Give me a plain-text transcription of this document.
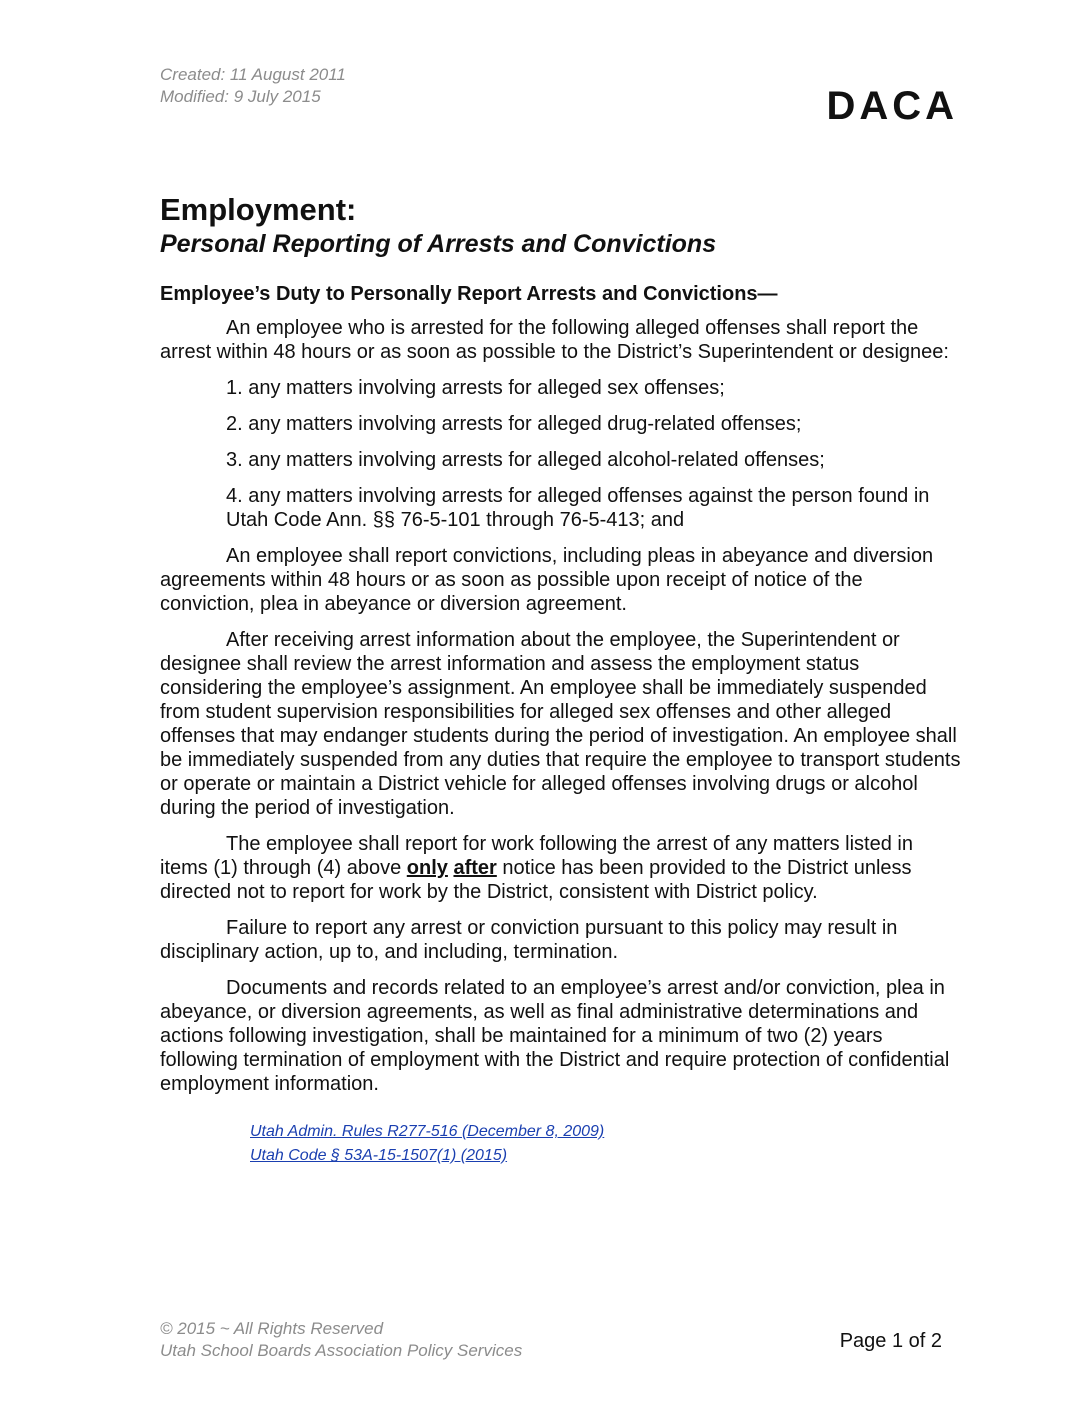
Created: 11 August 2011
Modified: 9 July 2015	DACA
Employment:
Personal Reporting of Arrests and Convictions
Employee’s Duty to Personally Report Arrests and Convictions—

An employee who is arrested for the following alleged offenses shall report the arrest within 48 hours or as soon as possible to the District’s Superintendent or designee:

1. any matters involving arrests for alleged sex offenses;
2. any matters involving arrests for alleged drug-related offenses;
3. any matters involving arrests for alleged alcohol-related offenses;
4. any matters involving arrests for alleged offenses against the person found in Utah Code Ann. §§ 76-5-101 through 76-5-413; and

An employee shall report convictions, including pleas in abeyance and diversion agreements within 48 hours or as soon as possible upon receipt of notice of the conviction, plea in abeyance or diversion agreement.

After receiving arrest information about the employee, the Superintendent or designee shall review the arrest information and assess the employment status considering the employee’s assignment. An employee shall be immediately suspended from student supervision responsibilities for alleged sex offenses and other alleged offenses that may endanger students during the period of investigation. An employee shall be immediately suspended from any duties that require the employee to transport students or operate or maintain a District vehicle for alleged offenses involving drugs or alcohol during the period of investigation.

The employee shall report for work following the arrest of any matters listed in items (1) through (4) above only after notice has been provided to the District unless directed not to report for work by the District, consistent with District policy.

Failure to report any arrest or conviction pursuant to this policy may result in disciplinary action, up to, and including, termination.

Documents and records related to an employee’s arrest and/or conviction, plea in abeyance, or diversion agreements, as well as final administrative determinations and actions following investigation, shall be maintained for a minimum of two (2) years following termination of employment with the District and require protection of confidential employment information.

Utah Admin. Rules R277-516 (December 8, 2009)
Utah Code § 53A-15-1507(1) (2015)
© 2015 ~ All Rights Reserved
Utah School Boards Association Policy Services	Page 1 of 2
